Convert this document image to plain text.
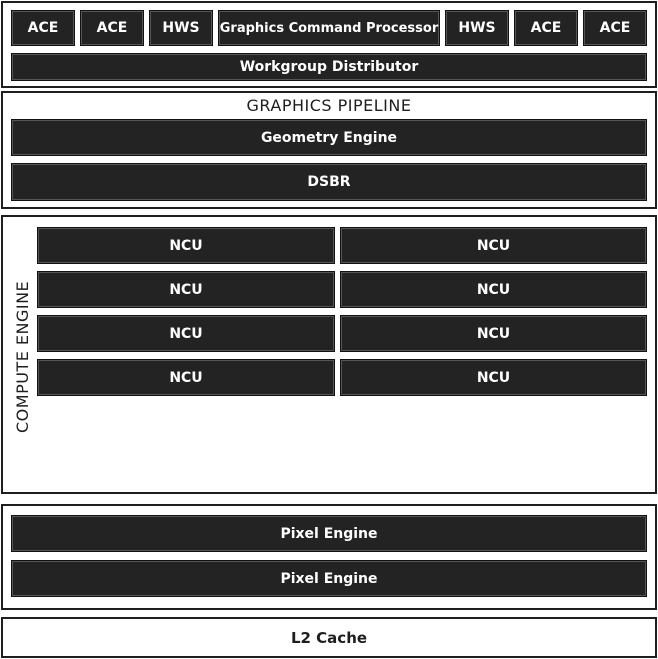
ACE	ACE	HWS	Graphics Command Processor	HWS	ACE	ACE
Workgroup Distributor
GRAPHICS PIPELINE
Geometry Engine
DSBR
COMPUTE ENGINE
NCU	NCU
NCU	NCU
NCU	NCU
NCU	NCU
Pixel Engine
Pixel Engine
L2 Cache
